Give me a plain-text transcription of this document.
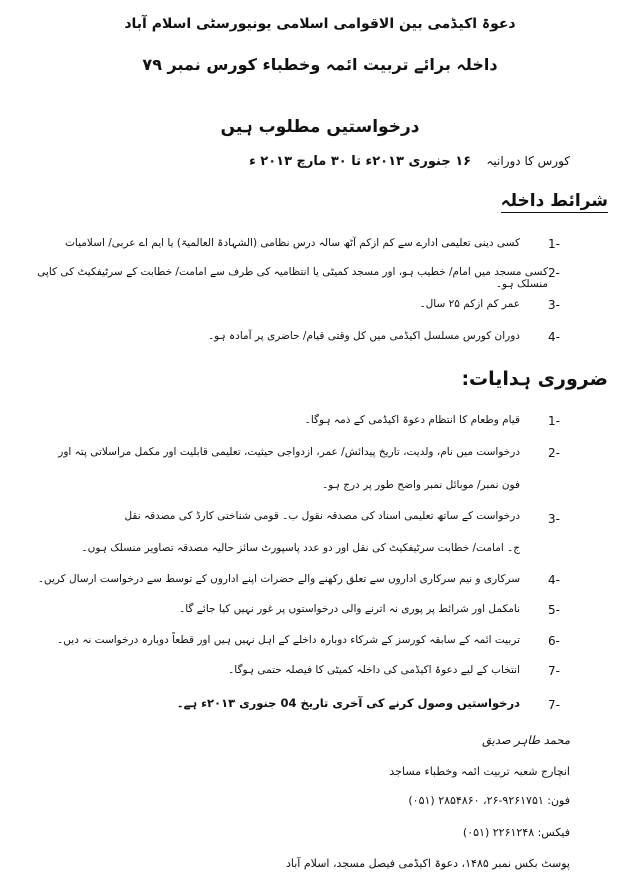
دعوۃ اکیڈمی بین الاقوامی اسلامی یونیورسٹی اسلام آباد
داخلہ برائے تربیت ائمہ وخطباء کورس نمبر ۷۹
درخواستیں مطلوب ہیں
کورس کا دورانیہ    ۱۶ جنوری ۲۰۱۳ء تا ۳۰ مارچ ۲۰۱۳ ء
شرائط داخلہ
1-
کسی دینی تعلیمی ادارے سے کم ازکم آٹھ سالہ درس نظامی (الشہادۃ العالمیۃ) یا ایم اے عربی/ اسلامیات
2-
کسی مسجد میں امام/ خطیب ہو، اور مسجد کمیٹی یا انتظامیہ کی طرف سے امامت/ خطابت کے سرٹیفکیٹ کی کاپی منسلک ہو۔
3-
عمر کم ازکم ۲۵ سال۔
4-
دوران کورس مسلسل اکیڈمی میں کل وقتی قیام/ حاضری پر آمادہ ہو۔
ضروری ہدایات:
1-
قیام وطعام کا انتظام دعوۃ اکیڈمی کے ذمہ ہوگا۔
2-
درخواست میں نام، ولدیت، تاریخ پیدائش/ عمر، ازدواجی حیثیت، تعلیمی قابلیت اور مکمل مراسلاتی پتہ اور
فون نمبر/ موبائل نمبر واضح طور پر درج ہو۔
3-
درخواست کے ساتھ تعلیمی اسناد کی مصدقہ نقول ب۔ قومی شناختی کارڈ کی مصدقہ نقل
ج۔ امامت/ خطابت سرٹیفکیٹ کی نقل اور دو عدد پاسپورٹ سائز حالیہ مصدقہ تصاویر منسلک ہوں۔
4-
سرکاری و نیم سرکاری اداروں سے تعلق رکھنے والے حضرات اپنے اداروں کے توسط سے درخواست ارسال کریں۔
5-
نامکمل اور شرائط پر پوری نہ اترنے والی درخواستوں پر غور نہیں کیا جائے گا۔
6-
تربیت ائمہ کے سابقہ کورسز کے شرکاء دوبارہ داخلے کے اہل نہیں ہیں اور قطعاً دوبارہ درخواست نہ دیں۔
7-
انتخاب کے لیے دعوۃ اکیڈمی کی داخلہ کمیٹی کا فیصلہ حتمی ہوگا۔
7-
درخواستیں وصول کرنے کی آخری تاریخ 04 جنوری ۲۰۱۳ء ہے۔
محمد طاہر صدیق
انچارج شعبہ تربیت ائمہ وخطباء مساجد
فون: ۹۲۶۱۷۵۱-۲۶، ۲۸۵۴۸۶۰ (۰۵۱)
فیکس: ۲۲۶۱۲۴۸ (۰۵۱)
پوسٹ بکس نمبر ۱۴۸۵، دعوۃ اکیڈمی فیصل مسجد، اسلام آباد
